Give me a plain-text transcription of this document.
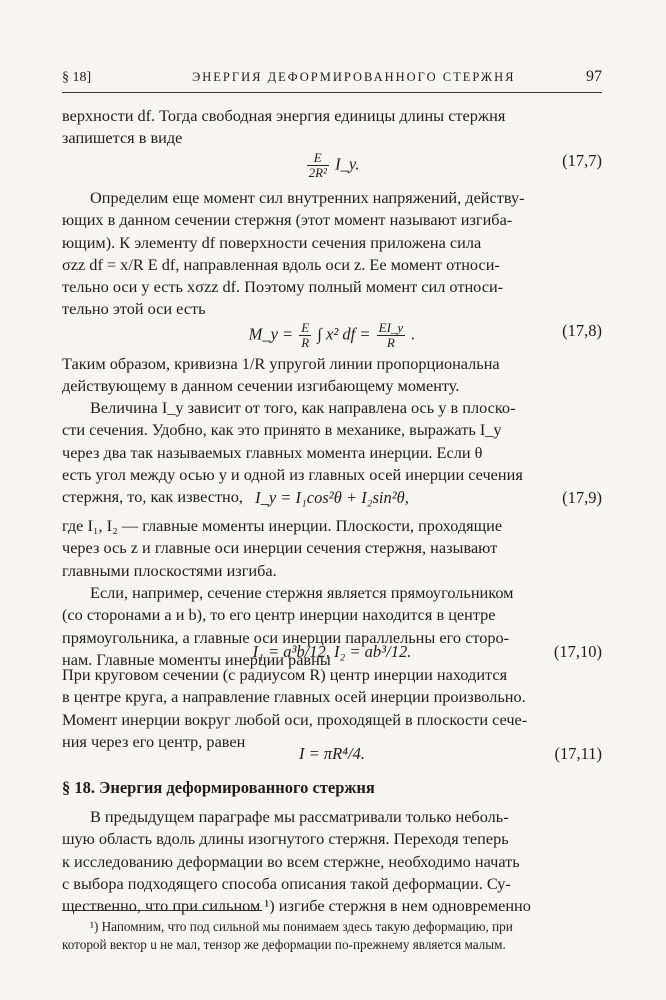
§ 18]	ЭНЕРГИЯ ДЕФОРМИРОВАННОГО СТЕРЖНЯ	97
верхности df. Тогда свободная энергия единицы длины стержня
запишется в виде
$\frac{E}{\text{2R²}}$ I_y.	(17,7)
Определим еще момент сил внутренних напряжений, действу-
ющих в данном сечении стержня (этот момент называют изгиба-
ющим). К элементу df поверхности сечения приложена сила
σzz df = x/R E df, направленная вдоль оси z. Ее момент относи-
тельно оси y есть xσzz df. Поэтому полный момент сил относи-
тельно этой оси есть
M_y = $\frac{E}{R}$ ∫ x² df = $\frac{EI\_y}{R}$ .	(17,8)
Таким образом, кривизна 1/R упругой линии пропорциональна
действующему в данном сечении изгибающему моменту.
Величина I_y зависит от того, как направлена ось y в плоско-
сти сечения. Удобно, как это принято в механике, выражать I_y
через два так называемых главных момента инерции. Если θ
есть угол между осью y и одной из главных осей инерции сечения
стержня, то, как известно, I_y = I₁cos²θ + I₂sin²θ,	(17,9)
где I₁, I₂ — главные моменты инерции. Плоскости, проходящие
через ось z и главные оси инерции сечения стержня, называют
главными плоскостями изгиба.
Если, например, сечение стержня является прямоугольником
(со сторонами a и b), то его центр инерции находится в центре
прямоугольника, а главные оси инерции параллельны его сторо-
нам. Главные моменты инерции равны
I₁ = a³b/12, I₂ = ab³/12.	(17,10)
При круговом сечении (с радиусом R) центр инерции находится
в центре круга, а направление главных осей инерции произвольно.
Момент инерции вокруг любой оси, проходящей в плоскости сече-
ния через его центр, равен
I = πR⁴/4.	(17,11)
§ 18. Энергия деформированного стержня
В предыдущем параграфе мы рассматривали только неболь-
шую область вдоль длины изогнутого стержня. Переходя теперь
к исследованию деформации во всем стержне, необходимо начать
с выбора подходящего способа описания такой деформации. Су-
щественно, что при сильном ¹) изгибе стержня в нем одновременно
¹) Напомним, что под сильной мы понимаем здесь такую деформацию, при
которой вектор u не мал, тензор же деформации по-прежнему является малым.
